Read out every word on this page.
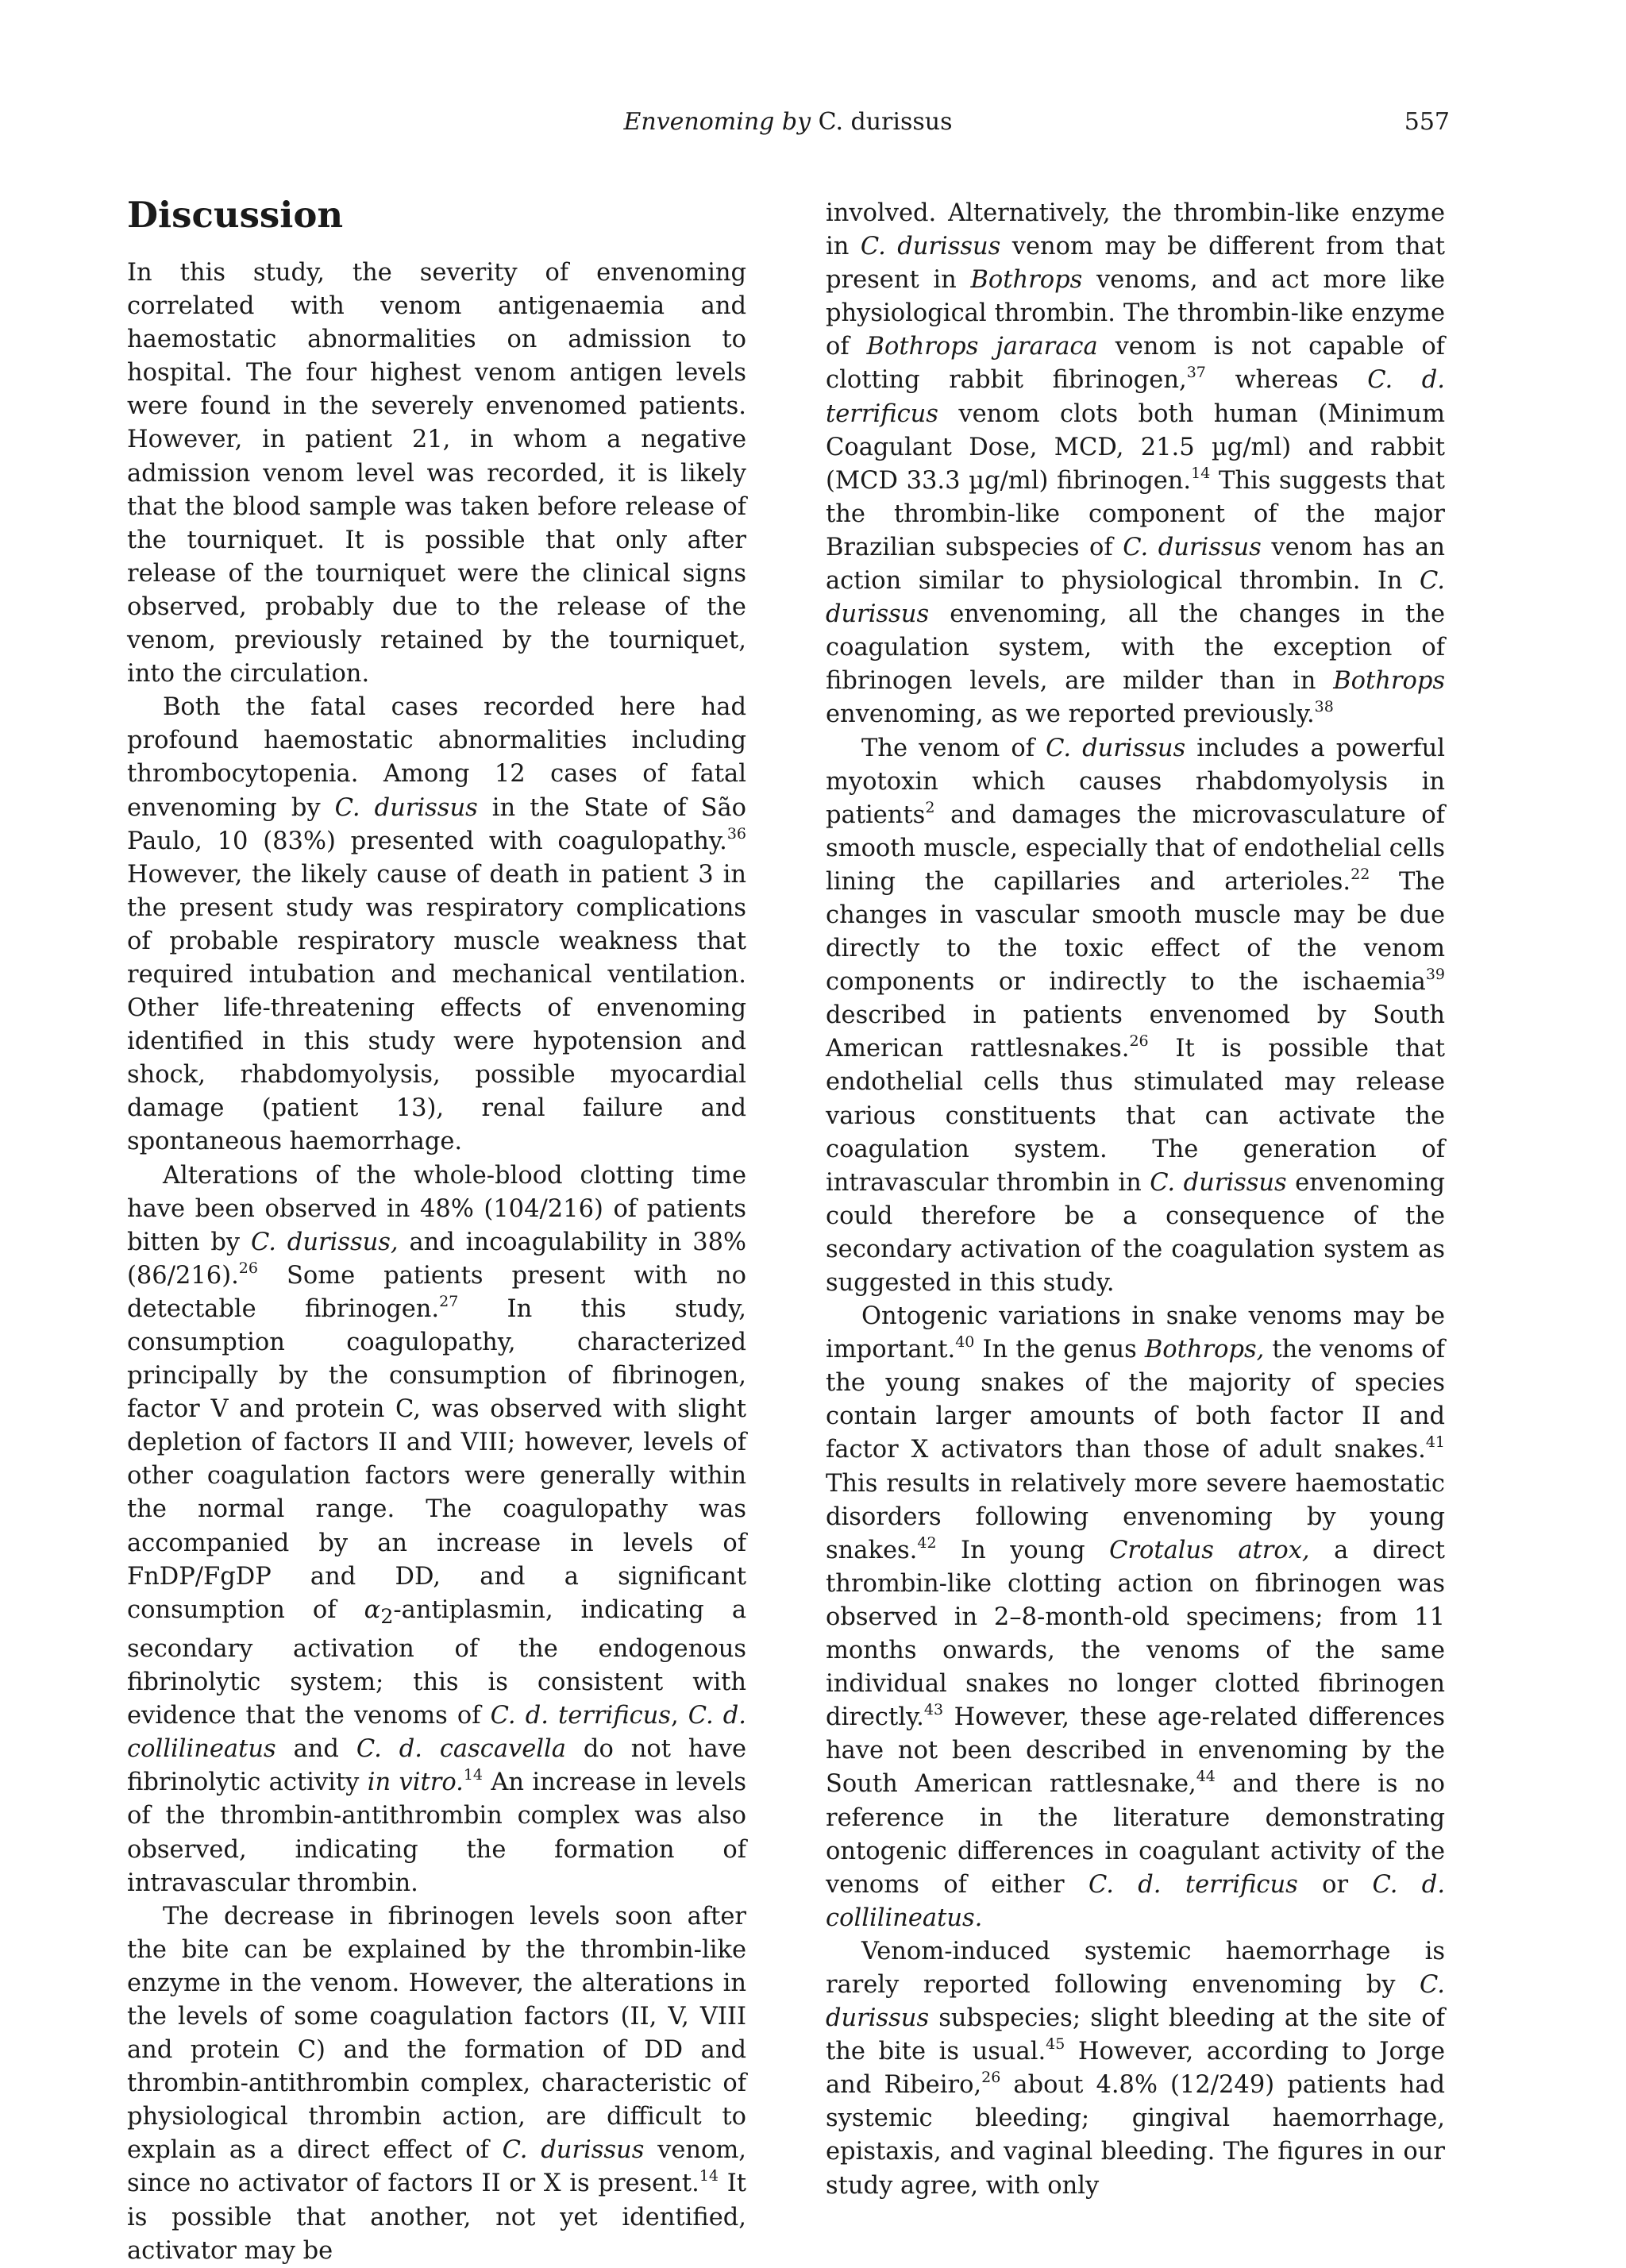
Envenoming by C. durissus	557
Discussion

In this study, the severity of envenoming correlated with venom antigenaemia and haemostatic abnormalities on admission to hospital. The four highest venom antigen levels were found in the severely envenomed patients. However, in patient 21, in whom a negative admission venom level was recorded, it is likely that the blood sample was taken before release of the tourniquet. It is possible that only after release of the tourniquet were the clinical signs observed, probably due to the release of the venom, previously retained by the tourniquet, into the circulation.

Both the fatal cases recorded here had profound haemostatic abnormalities including thrombocytopenia. Among 12 cases of fatal envenoming by C. durissus in the State of São Paulo, 10 (83%) presented with coagulopathy.$^{36}$ However, the likely cause of death in patient 3 in the present study was respiratory complications of probable respiratory muscle weakness that required intubation and mechanical ventilation. Other life-threatening effects of envenoming identified in this study were hypotension and shock, rhabdomyolysis, possible myocardial damage (patient 13), renal failure and spontaneous haemorrhage.

Alterations of the whole-blood clotting time have been observed in 48% (104/216) of patients bitten by C. durissus, and incoagulability in 38% (86/216).$^{26}$ Some patients present with no detectable fibrinogen.$^{27}$ In this study, consumption coagulopathy, characterized principally by the consumption of fibrinogen, factor V and protein C, was observed with slight depletion of factors II and VIII; however, levels of other coagulation factors were generally within the normal range. The coagulopathy was accompanied by an increase in levels of FnDP/FgDP and DD, and a significant consumption of $\alpha_2$-antiplasmin, indicating a secondary activation of the endogenous fibrinolytic system; this is consistent with evidence that the venoms of C. d. terrificus, C. d. collilineatus and C. d. cascavella do not have fibrinolytic activity in vitro.$^{14}$ An increase in levels of the thrombin-antithrombin complex was also observed, indicating the formation of intravascular thrombin.

The decrease in fibrinogen levels soon after the bite can be explained by the thrombin-like enzyme in the venom. However, the alterations in the levels of some coagulation factors (II, V, VIII and protein C) and the formation of DD and thrombin-antithrombin complex, characteristic of physiological thrombin action, are difficult to explain as a direct effect of C. durissus venom, since no activator of factors II or X is present.$^{14}$ It is possible that another, not yet identified, activator may be

involved. Alternatively, the thrombin-like enzyme in C. durissus venom may be different from that present in Bothrops venoms, and act more like physiological thrombin. The thrombin-like enzyme of Bothrops jararaca venom is not capable of clotting rabbit fibrinogen,$^{37}$ whereas C. d. terrificus venom clots both human (Minimum Coagulant Dose, MCD, 21.5 µg/ml) and rabbit (MCD 33.3 µg/ml) fibrinogen.$^{14}$ This suggests that the thrombin-like component of the major Brazilian subspecies of C. durissus venom has an action similar to physiological thrombin. In C. durissus envenoming, all the changes in the coagulation system, with the exception of fibrinogen levels, are milder than in Bothrops envenoming, as we reported previously.$^{38}$

The venom of C. durissus includes a powerful myotoxin which causes rhabdomyolysis in patients$^2$ and damages the microvasculature of smooth muscle, especially that of endothelial cells lining the capillaries and arterioles.$^{22}$ The changes in vascular smooth muscle may be due directly to the toxic effect of the venom components or indirectly to the ischaemia$^{39}$ described in patients envenomed by South American rattlesnakes.$^{26}$ It is possible that endothelial cells thus stimulated may release various constituents that can activate the coagulation system. The generation of intravascular thrombin in C. durissus envenoming could therefore be a consequence of the secondary activation of the coagulation system as suggested in this study.

Ontogenic variations in snake venoms may be important.$^{40}$ In the genus Bothrops, the venoms of the young snakes of the majority of species contain larger amounts of both factor II and factor X activators than those of adult snakes.$^{41}$ This results in relatively more severe haemostatic disorders following envenoming by young snakes.$^{42}$ In young Crotalus atrox, a direct thrombin-like clotting action on fibrinogen was observed in 2–8-month-old specimens; from 11 months onwards, the venoms of the same individual snakes no longer clotted fibrinogen directly.$^{43}$ However, these age-related differences have not been described in envenoming by the South American rattlesnake,$^{44}$ and there is no reference in the literature demonstrating ontogenic differences in coagulant activity of the venoms of either C. d. terrificus or C. d. collilineatus.

Venom-induced systemic haemorrhage is rarely reported following envenoming by C. durissus subspecies; slight bleeding at the site of the bite is usual.$^{45}$ However, according to Jorge and Ribeiro,$^{26}$ about 4.8% (12/249) patients had systemic bleeding; gingival haemorrhage, epistaxis, and vaginal bleeding. The figures in our study agree, with only
